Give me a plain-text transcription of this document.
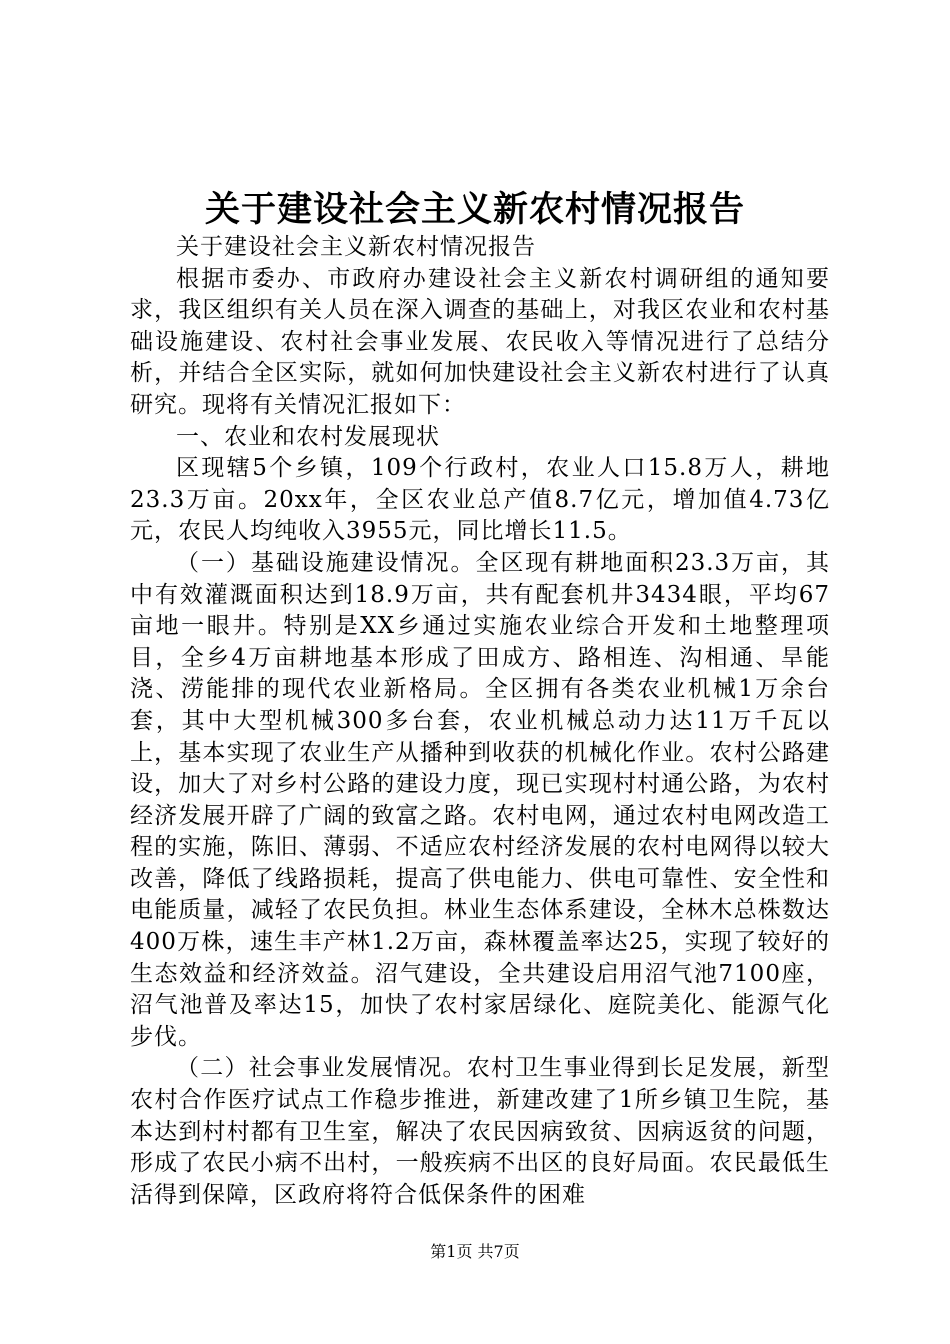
关于建设社会主义新农村情况报告

关于建设社会主义新农村情况报告

根据市委办、市政府办建设社会主义新农村调研组的通知要求，我区组织有关人员在深入调查的基础上，对我区农业和农村基础设施建设、农村社会事业发展、农民收入等情况进行了总结分析，并结合全区实际，就如何加快建设社会主义新农村进行了认真研究。现将有关情况汇报如下：

一、农业和农村发展现状

区现辖5个乡镇，109个行政村，农业人口15.8万人，耕地23.3万亩。20xx年，全区农业总产值8.7亿元，增加值4.73亿元，农民人均纯收入3955元，同比增长11.5。

（一）基础设施建设情况。全区现有耕地面积23.3万亩，其中有效灌溉面积达到18.9万亩，共有配套机井3434眼，平均67亩地一眼井。特别是XX乡通过实施农业综合开发和土地整理项目，全乡4万亩耕地基本形成了田成方、路相连、沟相通、旱能浇、涝能排的现代农业新格局。全区拥有各类农业机械1万余台套，其中大型机械300多台套，农业机械总动力达11万千瓦以上，基本实现了农业生产从播种到收获的机械化作业。农村公路建设，加大了对乡村公路的建设力度，现已实现村村通公路，为农村经济发展开辟了广阔的致富之路。农村电网，通过农村电网改造工程的实施，陈旧、薄弱、不适应农村经济发展的农村电网得以较大改善，降低了线路损耗，提高了供电能力、供电可靠性、安全性和电能质量，减轻了农民负担。林业生态体系建设，全林木总株数达400万株，速生丰产林1.2万亩，森林覆盖率达25，实现了较好的生态效益和经济效益。沼气建设，全共建设启用沼气池7100座，沼气池普及率达15，加快了农村家居绿化、庭院美化、能源气化步伐。

（二）社会事业发展情况。农村卫生事业得到长足发展，新型农村合作医疗试点工作稳步推进，新建改建了1所乡镇卫生院，基本达到村村都有卫生室，解决了农民因病致贫、因病返贫的问题，形成了农民小病不出村，一般疾病不出区的良好局面。农民最低生活得到保障，区政府将符合低保条件的困难

第1页 共7页
